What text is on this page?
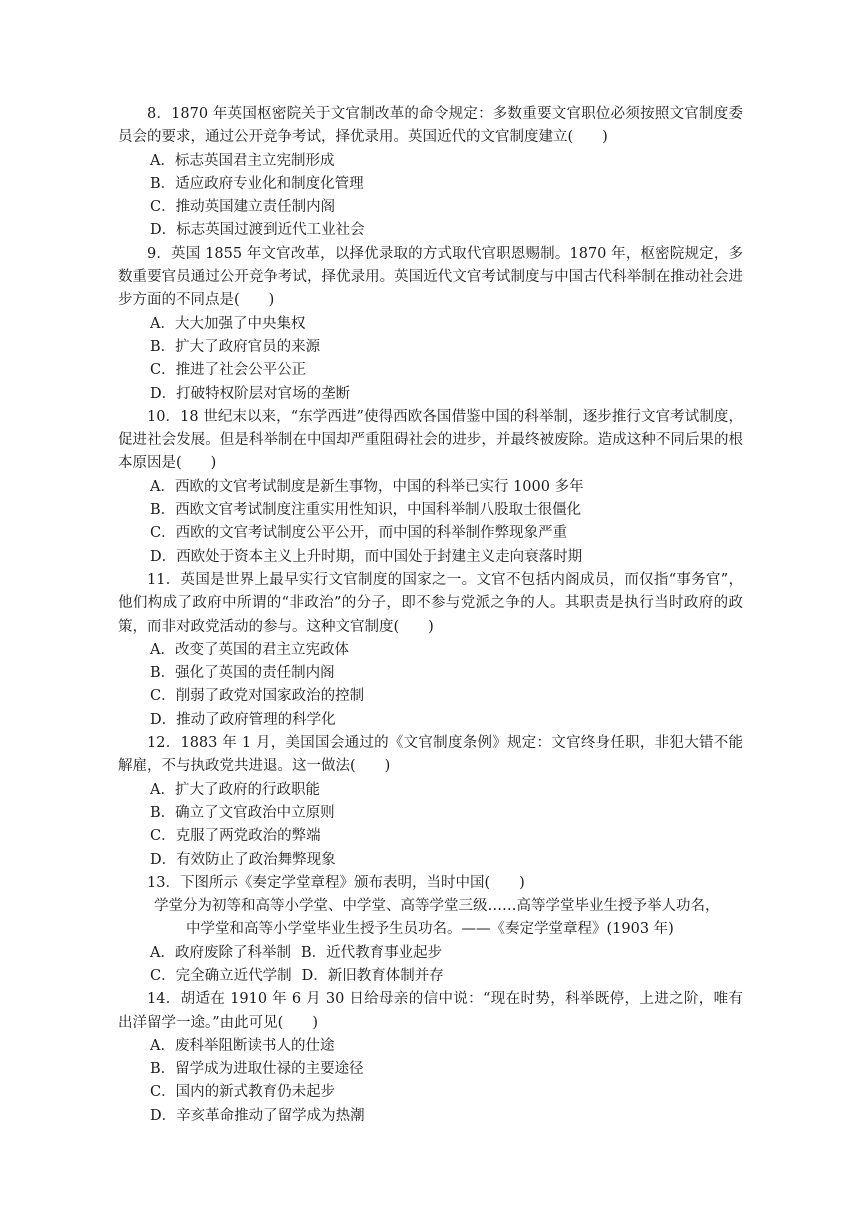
8．1870 年英国枢密院关于文官制改革的命令规定：多数重要文官职位必须按照文官制度委员会的要求，通过公开竞争考试，择优录用。英国近代的文官制度建立(　　)

A．标志英国君主立宪制形成

B．适应政府专业化和制度化管理

C．推动英国建立责任制内阁

D．标志英国过渡到近代工业社会

9．英国 1855 年文官改革，以择优录取的方式取代官职恩赐制。1870 年，枢密院规定，多数重要官员通过公开竞争考试，择优录用。英国近代文官考试制度与中国古代科举制在推动社会进步方面的不同点是(　　)

A．大大加强了中央集权

B．扩大了政府官员的来源

C．推进了社会公平公正

D．打破特权阶层对官场的垄断

10．18 世纪末以来，“东学西进”使得西欧各国借鉴中国的科举制，逐步推行文官考试制度，促进社会发展。但是科举制在中国却严重阻碍社会的进步，并最终被废除。造成这种不同后果的根本原因是(　　)

A．西欧的文官考试制度是新生事物，中国的科举已实行 1000 多年

B．西欧文官考试制度注重实用性知识，中国科举制八股取士很僵化

C．西欧的文官考试制度公平公开，而中国的科举制作弊现象严重

D．西欧处于资本主义上升时期，而中国处于封建主义走向衰落时期

11．英国是世界上最早实行文官制度的国家之一。文官不包括内阁成员，而仅指“事务官”，他们构成了政府中所谓的“非政治”的分子，即不参与党派之争的人。其职责是执行当时政府的政策，而非对政党活动的参与。这种文官制度(　　)

A．改变了英国的君主立宪政体

B．强化了英国的责任制内阁

C．削弱了政党对国家政治的控制

D．推动了政府管理的科学化

12．1883 年 1 月，美国国会通过的《文官制度条例》规定：文官终身任职，非犯大错不能解雇，不与执政党共进退。这一做法(　　)

A．扩大了政府的行政职能

B．确立了文官政治中立原则

C．克服了两党政治的弊端

D．有效防止了政治舞弊现象

13．下图所示《奏定学堂章程》颁布表明，当时中国(　　)

学堂分为初等和高等小学堂、中学堂、高等学堂三级……高等学堂毕业生授予举人功名，

中学堂和高等小学堂毕业生授予生员功名。——《奏定学堂章程》(1903 年)

A．政府废除了科举制 B．近代教育事业起步

C．完全确立近代学制 D．新旧教育体制并存

14．胡适在 1910 年 6 月 30 日给母亲的信中说：“现在时势，科举既停，上进之阶，唯有出洋留学一途。”由此可见(　　)

A．废科举阻断读书人的仕途

B．留学成为进取仕禄的主要途径

C．国内的新式教育仍未起步

D．辛亥革命推动了留学成为热潮
